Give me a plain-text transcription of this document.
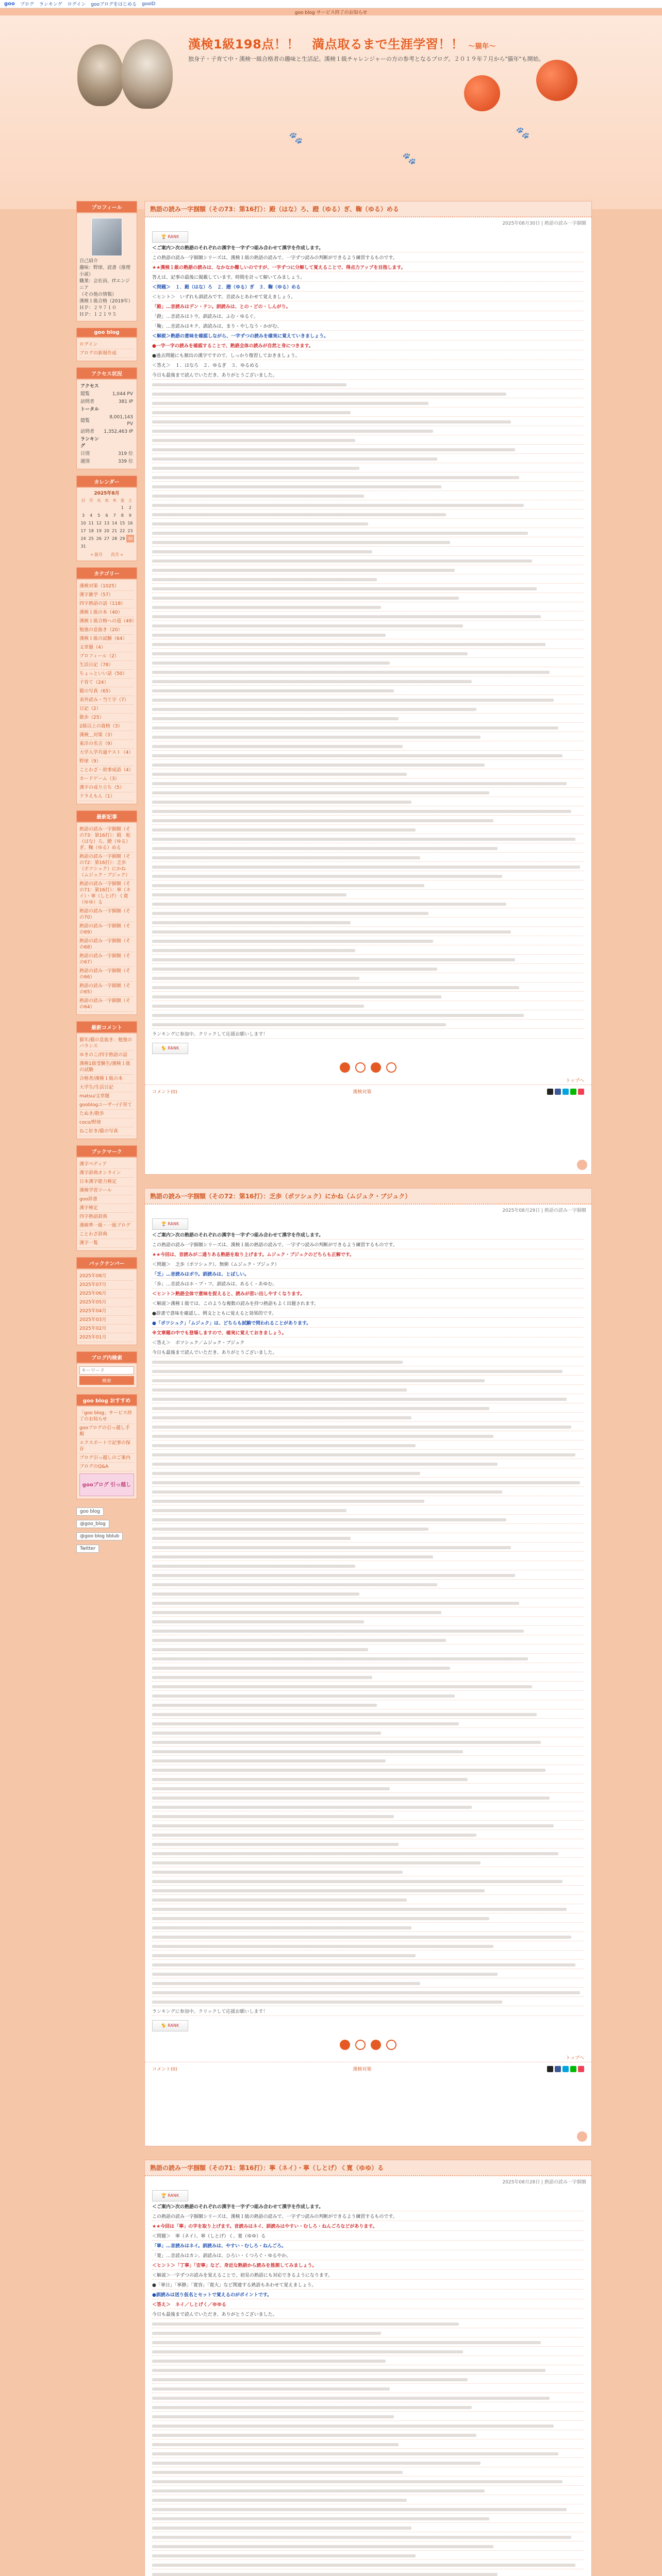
goo ブログ ランキング ログイン gooブログをはじめる gooID
goo blog サービス終了のお知らせ
漢検1級198点！！　満点取るまで生涯学習！！ 〜猫年〜
独身子・子育て中・漢検一級合格者の趣味と生活記。漢検１級チャレンジャーの方の参考となるブログ。２０１９年７月から"猫年"も開始。
🐾
🐾
🐾
プロフィール
自己紹介
趣味：野球、読書（推理小説）
職業：会社員、ITエンジニア
（その他の情報）
漢検１級合格（2019年）
ＨＰ：２９７１０
ＨＰ：１２１９５
goo blog
ログイン
ブログの新規作成
アクセス状況
アクセス	
閲覧	1,044 PV
訪問者	381 IP
トータル	
閲覧	8,001,143 PV
訪問者	1,352,463 IP
ランキング	
日別	319 位
週別	339 位
カレンダー
2025年8月
日	月	火	水	木	金	土
					1	2
3	4	5	6	7	8	9
10	11	12	13	14	15	16
17	18	19	20	21	22	23
24	25	26	27	28	29	30
31						
« 前月　　次月 »
カテゴリー
漢検対策（1025）
漢字雑学（57）
四字熟語の話（118）
漢検１級の本（40）
漢検１級合格への道（49）
勉強の息抜き（20）
漢検１級の試験（64）
文章題（4）
プロフィール（2）
生活日記（78）
ちょっといい話（50）
子育て（24）
猫の写真（65）
表外読み・当て字（7）
日記（2）
散歩（25）
2級以上の資格（3）
漢検＿対策（3）
東洋の名言（9）
大学入学共通テスト（4）
野球（9）
ことわざ・故事成語（4）
カードゲーム（3）
漢字の成り立ち（5）
ドラえもん（1）
最新記事
熟語の読み一字掴額（その73：第16打）：殿　蛇（はな）ろ、蹬（ゆる）ぎ、鞠（ゆる）める
熟語の読み一字掴額（その72：第16打）：乏歩（ポツシュク）にかね（ムジュク・ブジュク）
熟語の読み一字掴額（その71：第16打）：寧（ネイ）・寧（しとげ）く寛（ゆゆ）る
熟語の読み一字掴額（その70）
熟語の読み一字掴額（その69）
熟語の読み一字掴額（その68）
熟語の読み一字掴額（その67）
熟語の読み一字掴額（その66）
熟語の読み一字掴額（その65）
熟語の読み一字掴額（その64）
最新コメント
猫年/猫の息抜き：勉強のバランス
ゆきのこ/四字熟語の話
漢検1級受験生/漢検１級の試験
合格者/漢検１級の本
大学生/生活日記
matsu/文章題
gooblogユーザー/子育て
たぬき/散歩
coco/野球
ねこ好き/猫の写真
ブックマーク
漢字ペディア
漢字辞典オンライン
日本漢字能力検定
漢検学習ツール
goo辞書
漢字検定
四字熟語辞典
漢検準一級・一級ブログ
ことわざ辞典
漢字一覧
バックナンバー
2025年08月
2025年07月
2025年06月
2025年05月
2025年04月
2025年03月
2025年02月
2025年01月
ブログ内検索
キーワード 検索
goo blog おすすめ
「goo blog」サービス終了のお知らせ
gooブログの引っ越し手順
エクスポートで記事の保存
ブログ引っ越しのご案内
ブログのQ&A
gooブログ 引っ越し
goo blog @goo_blog @goo blog bblub Twitter
熟語の読み一字掴額（その73：第16打）：殿（はな）ろ、蹬（ゆる）ぎ、鞠（ゆる）める
2025年08月30日 | 熟語の読み一字掴額
🏆 RANK

＜ご案内＞次の熟語のそれぞれの漢字を一字ずつ組み合わせて漢字を作成します。

この熟語の読み一字掴額シリーズは、漢検１級の熟語の読みで、一字ずつ読みの判断ができるよう練習するものです。

★★漢検１級の熟語の読みは、なかなか難しいのですが、一字ずつに分解して覚えることで、得点力アップを目指します。

答えは、記事の最後に掲載しています。時間を計って解いてみましょう。

＜問題＞　１．殿（はな）ろ　２．蹬（ゆる）ぎ　３．鞠（ゆる）める

＜ヒント＞　いずれも訓読みです。音読みとあわせて覚えましょう。

「殿」…音読みはデン・テン。訓読みは、との・どの・しんがり。

「蹬」…音読みはトウ。訓読みは、ふむ・ゆるぐ。

「鞠」…音読みはキク。訓読みは、まり・やしなう・かがむ。

＜解説＞熟語の意味を確認しながら、一字ずつの読みを確実に覚えていきましょう。

●一字一字の読みを確認することで、熟語全体の読みが自然と身につきます。

●過去問題にも頻出の漢字ですので、しっかり復習しておきましょう。

＜答え＞　１．はなろ　２．ゆるぎ　３．ゆるめる

今日も最後まで読んでいただき、ありがとうございました。

ランキングに参加中。クリックして応援お願いします！

🐈 RANK
トップへ
コメント(0)	漢検対策
熟語の読み一字掴額（その72：第16打）：乏歩（ポツシュク）にかね（ムジュク・ブジュク）
2025年08月29日 | 熟語の読み一字掴額
🏆 RANK

＜ご案内＞次の熟語のそれぞれの漢字を一字ずつ組み合わせて漢字を作成します。

この熟語の読み一字掴額シリーズは、漢検１級の熟語の読みで、一字ずつ読みの判断ができるよう練習するものです。

★★今回は、音読みが二通りある熟語を取り上げます。ムジュク・ブジュクのどちらも正解です。

＜問題＞　乏歩（ポツシュク）、無粥（ムジュク・ブジュク）

「乏」…音読みはボウ。訓読みは、とぼしい。

「歩」…音読みはホ・ブ・フ。訓読みは、あるく・あゆむ。

＜ヒント＞熟語全体で意味を捉えると、読みが思い出しやすくなります。

＜解説＞漢検１級では、このような複数の読みを持つ熟語もよく出題されます。

●辞書で意味を確認し、例文とともに覚えると効果的です。

●「ポツシュク」「ムジュク」は、どちらも試験で問われることがあります。

※文章題の中でも登場しますので、確実に覚えておきましょう。

＜答え＞　ポツシュク／ムジュク・ブジュク

今日も最後まで読んでいただき、ありがとうございました。

ランキングに参加中。クリックして応援お願いします！

🐈 RANK
トップへ
コメント(0)	漢検対策
熟語の読み一字掴額（その71：第16打）：寧（ネイ）・寧（しとげ）く寛（ゆゆ）る
2025年08月28日 | 熟語の読み一字掴額
🏆 RANK

＜ご案内＞次の熟語のそれぞれの漢字を一字ずつ組み合わせて漢字を作成します。

この熟語の読み一字掴額シリーズは、漢検１級の熟語の読みで、一字ずつ読みの判断ができるよう練習するものです。

★★今回は「寧」の字を取り上げます。音読みはネイ、訓読みはやすい・むしろ・ねんごろなどがあります。

＜問題＞　寧（ネイ）、寧（しとげ）く、寛（ゆゆ）る

「寧」…音読みはネイ。訓読みは、やすい・むしろ・ねんごろ。

「寛」…音読みはカン。訓読みは、ひろい・くつろぐ・ゆるやか。

＜ヒント＞「丁寧」「安寧」など、身近な熟語から読みを推測してみましょう。

＜解説＞一字ずつの読みを覚えることで、初見の熟語にも対応できるようになります。

●「寧日」「寧静」「寛容」「寛大」など関連する熟語もあわせて覚えましょう。

●訓読みは送り仮名とセットで覚えるのがポイントです。

＜答え＞　ネイ／しとげく／ゆゆる

今日も最後まで読んでいただき、ありがとうございました。
